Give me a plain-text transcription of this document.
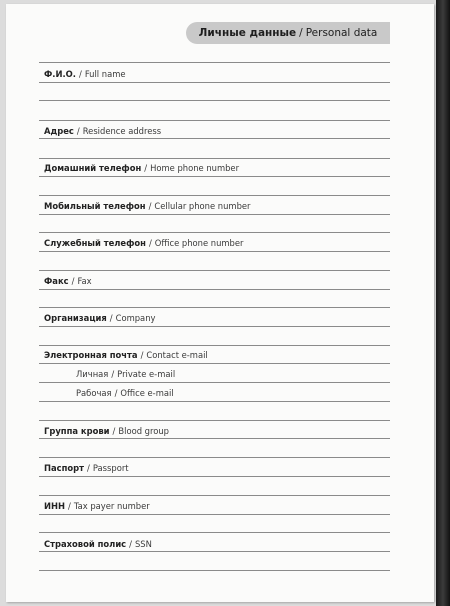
Личные данные / Personal data
Ф.И.О. / Full name
Адрес / Residence address
Домашний телефон / Home phone number
Мобильный телефон / Cellular phone number
Служебный телефон / Office phone number
Факс / Fax
Организация / Company
Электронная почта / Contact e-mail
Личная / Private e-mail
Рабочая / Office e-mail
Группа крови / Blood group
Паспорт / Passport
ИНН / Tax payer number
Страховой полис / SSN
